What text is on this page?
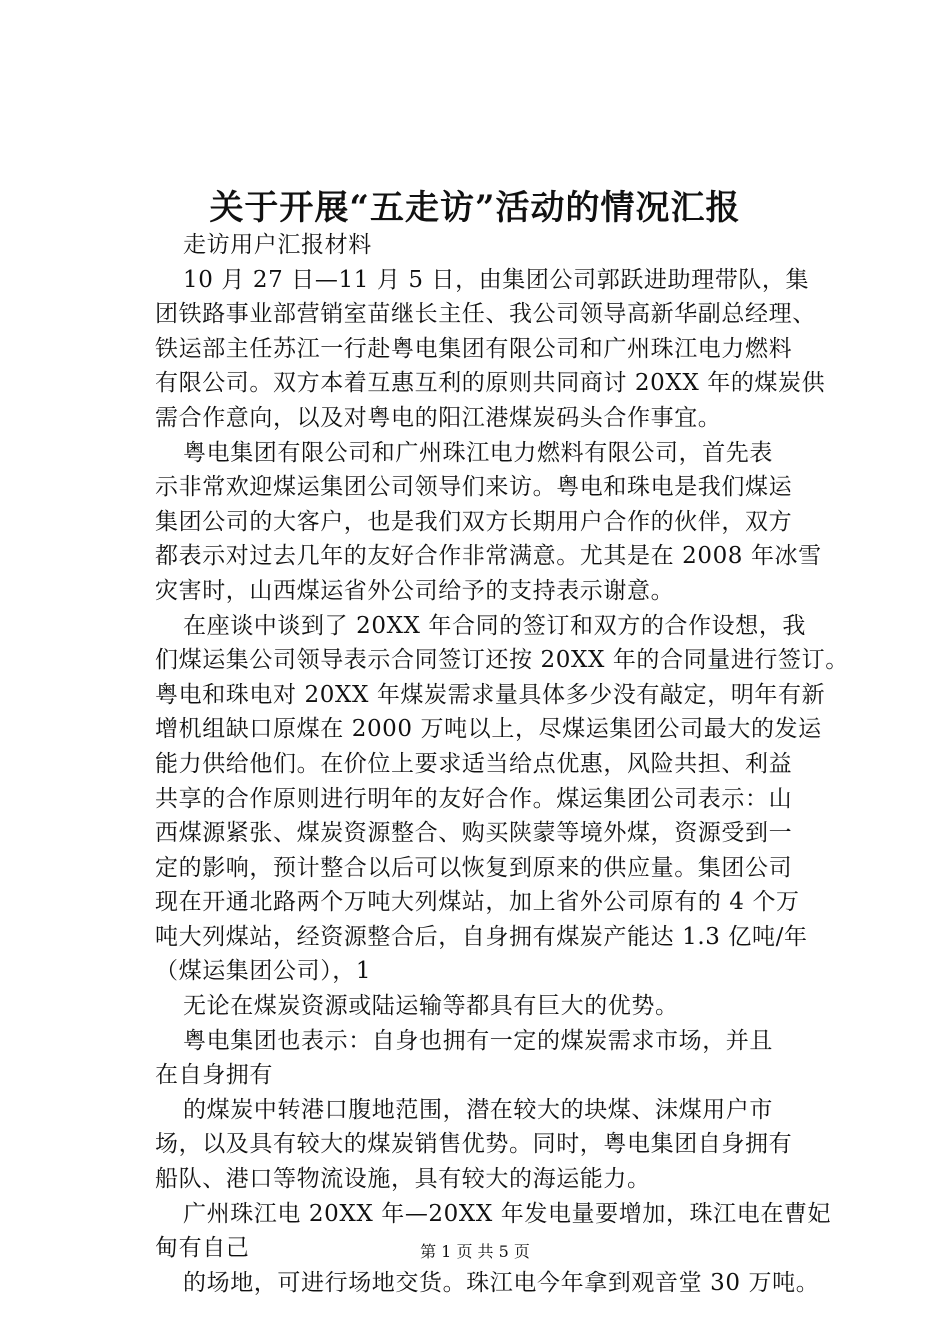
关于开展“五走访”活动的情况汇报
走访用户汇报材料
10 月 27 日—11 月 5 日，由集团公司郭跃进助理带队，集
团铁路事业部营销室苗继长主任、我公司领导高新华副总经理、
铁运部主任苏江一行赴粤电集团有限公司和广州珠江电力燃料
有限公司。双方本着互惠互利的原则共同商讨 20XX 年的煤炭供
需合作意向，以及对粤电的阳江港煤炭码头合作事宜。
粤电集团有限公司和广州珠江电力燃料有限公司，首先表
示非常欢迎煤运集团公司领导们来访。粤电和珠电是我们煤运
集团公司的大客户，也是我们双方长期用户合作的伙伴，双方
都表示对过去几年的友好合作非常满意。尤其是在 2008 年冰雪
灾害时，山西煤运省外公司给予的支持表示谢意。
在座谈中谈到了 20XX 年合同的签订和双方的合作设想，我
们煤运集公司领导表示合同签订还按 20XX 年的合同量进行签订。
粤电和珠电对 20XX 年煤炭需求量具体多少没有敲定，明年有新
增机组缺口原煤在 2000 万吨以上，尽煤运集团公司最大的发运
能力供给他们。在价位上要求适当给点优惠，风险共担、利益
共享的合作原则进行明年的友好合作。煤运集团公司表示：山
西煤源紧张、煤炭资源整合、购买陕蒙等境外煤，资源受到一
定的影响，预计整合以后可以恢复到原来的供应量。集团公司
现在开通北路两个万吨大列煤站，加上省外公司原有的 4 个万
吨大列煤站，经资源整合后，自身拥有煤炭产能达 1.3 亿吨/年
（煤运集团公司），1
无论在煤炭资源或陆运输等都具有巨大的优势。
粤电集团也表示：自身也拥有一定的煤炭需求市场，并且
在自身拥有
的煤炭中转港口腹地范围，潜在较大的块煤、沫煤用户市
场，以及具有较大的煤炭销售优势。同时，粤电集团自身拥有
船队、港口等物流设施，具有较大的海运能力。
广州珠江电 20XX 年—20XX 年发电量要增加，珠江电在曹妃
甸有自己
的场地，可进行场地交货。珠江电今年拿到观音堂 30 万吨。
第 1 页 共 5 页
